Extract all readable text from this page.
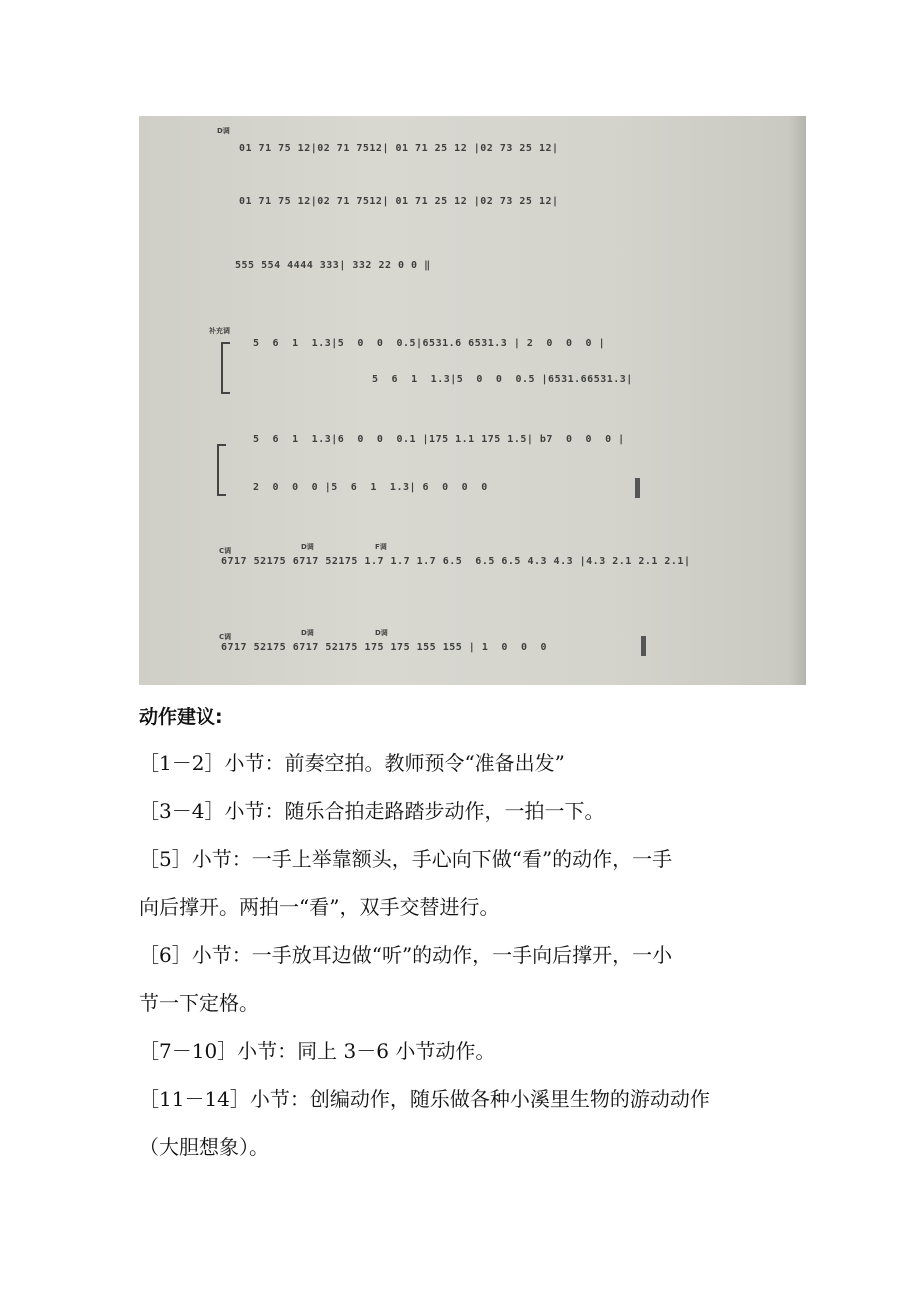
D调
01 71 75 12|02 71 7512| 01 71 25 12 |02 73 25 12|
01 71 75 12|02 71 7512| 01 71 25 12 |02 73 25 12|
555 554 4444 333| 332 22 0 0 ‖
补充调
5  6  1  1.3|5  0  0  0.5|6531.6 6531.3 | 2  0  0  0 |
5  6  1  1.3|5  0  0  0.5 |6531.66531.3|
5  6  1  1.3|6  0  0  0.1 |175 1.1 175 1.5| b7  0  0  0 |
2  0  0  0 |5  6  1  1.3| 6  0  0  0
C调	D调	F调
6717 52175 6717 52175 1.7 1.7 1.7 6.5  6.5 6.5 4.3 4.3 |4.3 2.1 2.1 2.1|
C调	D调	D调
6717 52175 6717 52175 175 175 155 155 | 1  0  0  0
动作建议:
［1－2］小节：前奏空拍。教师预令“准备出发”
［3－4］小节：随乐合拍走路踏步动作，一拍一下。
［5］小节：一手上举靠额头，手心向下做“看”的动作，一手
向后撑开。两拍一“看”，双手交替进行。
［6］小节：一手放耳边做“听”的动作，一手向后撑开，一小
节一下定格。
［7－10］小节：同上 3－6 小节动作。
［11－14］小节：创编动作，随乐做各种小溪里生物的游动动作
（大胆想象）。
